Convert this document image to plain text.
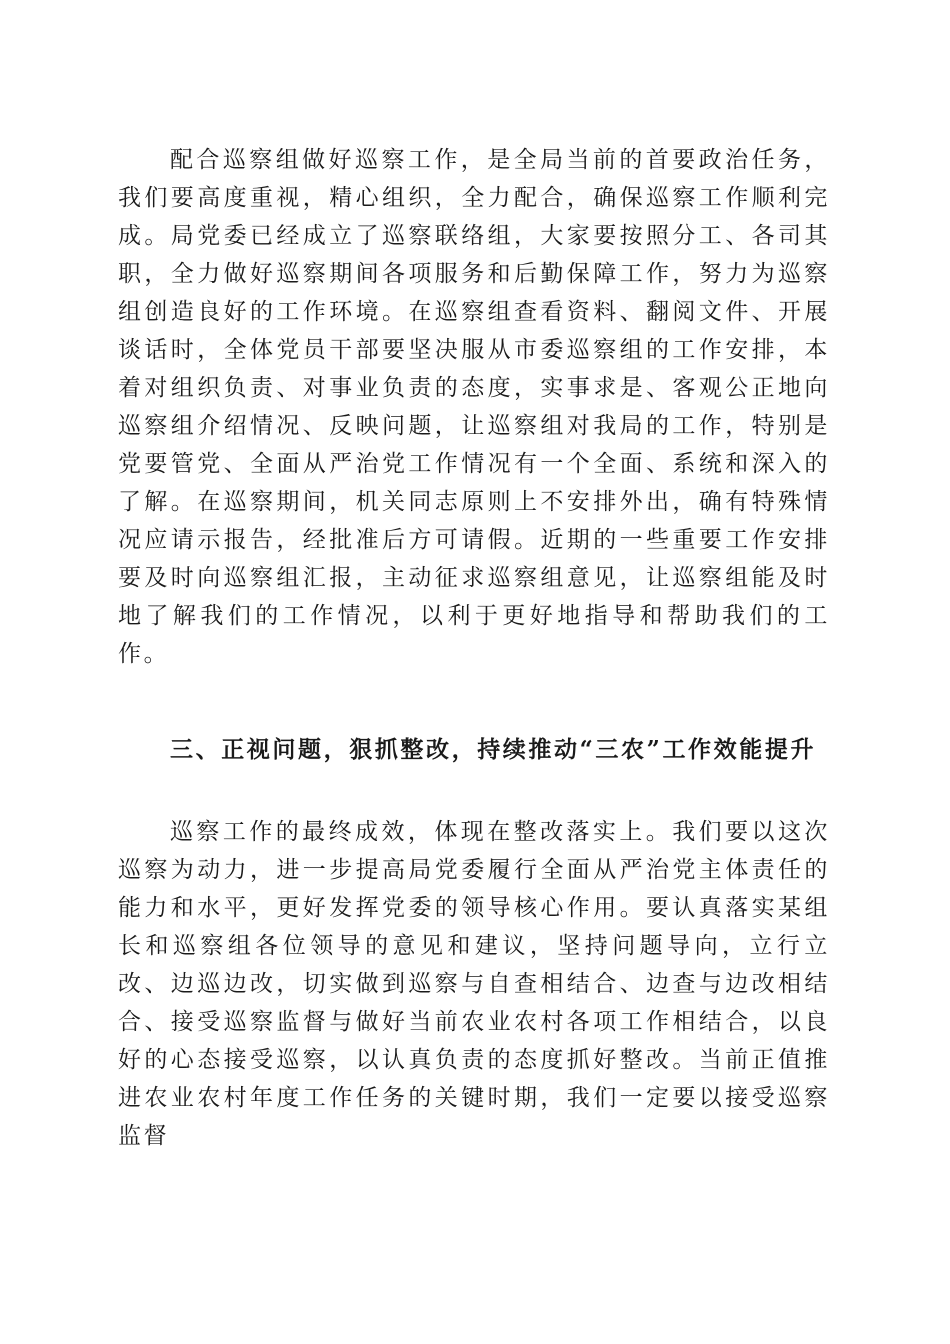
配合巡察组做好巡察工作，是全局当前的首要政治任务，我们要高度重视，精心组织，全力配合，确保巡察工作顺利完成。局党委已经成立了巡察联络组，大家要按照分工、各司其职，全力做好巡察期间各项服务和后勤保障工作，努力为巡察组创造良好的工作环境。在巡察组查看资料、翻阅文件、开展谈话时，全体党员干部要坚决服从市委巡察组的工作安排，本着对组织负责、对事业负责的态度，实事求是、客观公正地向巡察组介绍情况、反映问题，让巡察组对我局的工作，特别是党要管党、全面从严治党工作情况有一个全面、系统和深入的了解。在巡察期间，机关同志原则上不安排外出，确有特殊情况应请示报告，经批准后方可请假。近期的一些重要工作安排要及时向巡察组汇报，主动征求巡察组意见，让巡察组能及时地了解我们的工作情况，以利于更好地指导和帮助我们的工作。

三、正视问题，狠抓整改，持续推动“三农”工作效能提升

巡察工作的最终成效，体现在整改落实上。我们要以这次巡察为动力，进一步提高局党委履行全面从严治党主体责任的能力和水平，更好发挥党委的领导核心作用。要认真落实某组长和巡察组各位领导的意见和建议，坚持问题导向，立行立改、边巡边改，切实做到巡察与自查相结合、边查与边改相结合、接受巡察监督与做好当前农业农村各项工作相结合，以良好的心态接受巡察，以认真负责的态度抓好整改。当前正值推进农业农村年度工作任务的关键时期，我们一定要以接受巡察监督
